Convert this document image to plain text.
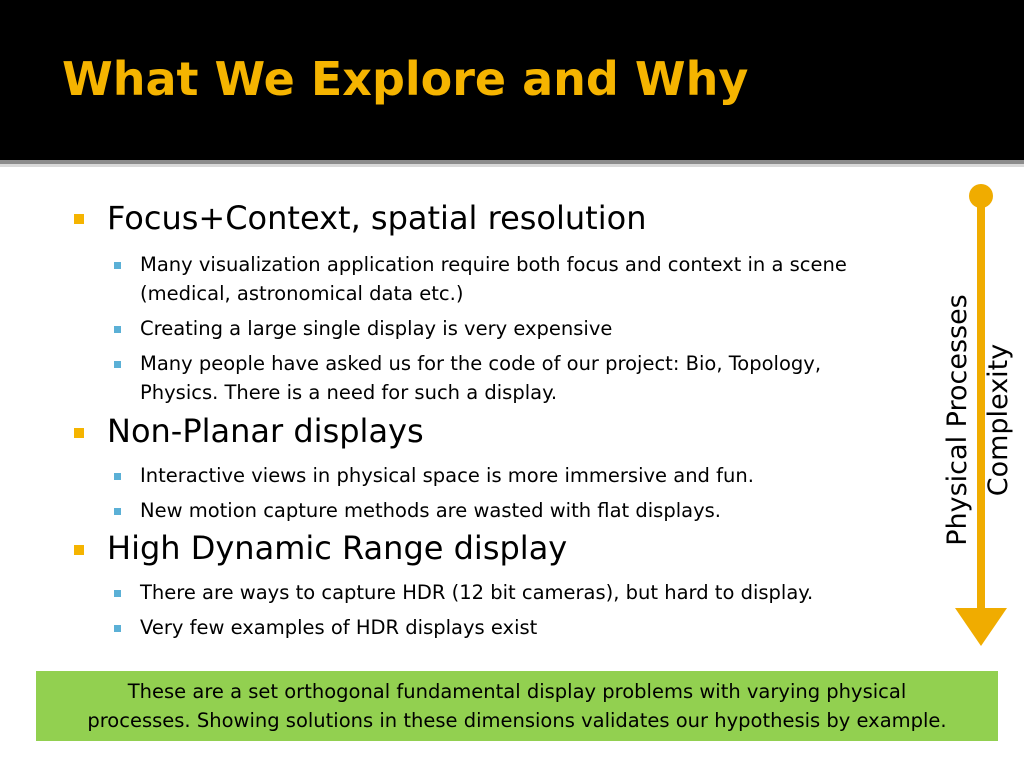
What We Explore and Why
Focus+Context, spatial resolution
Many visualization application require both focus and context in a scene
(medical, astronomical data etc.)
Creating a large single display is very expensive
Many people have asked us for the code of our project: Bio, Topology,
Physics. There is a need for such a display.
Non-Planar displays
Interactive views in physical space is more immersive and fun.
New motion capture methods are wasted with flat displays.
High Dynamic Range display
There are ways to capture HDR (12 bit cameras), but hard to display.
Very few examples of HDR displays exist
Physical Processes Complexity
These are a set orthogonal fundamental display problems with varying physical
processes. Showing solutions in these dimensions validates our hypothesis by example.
